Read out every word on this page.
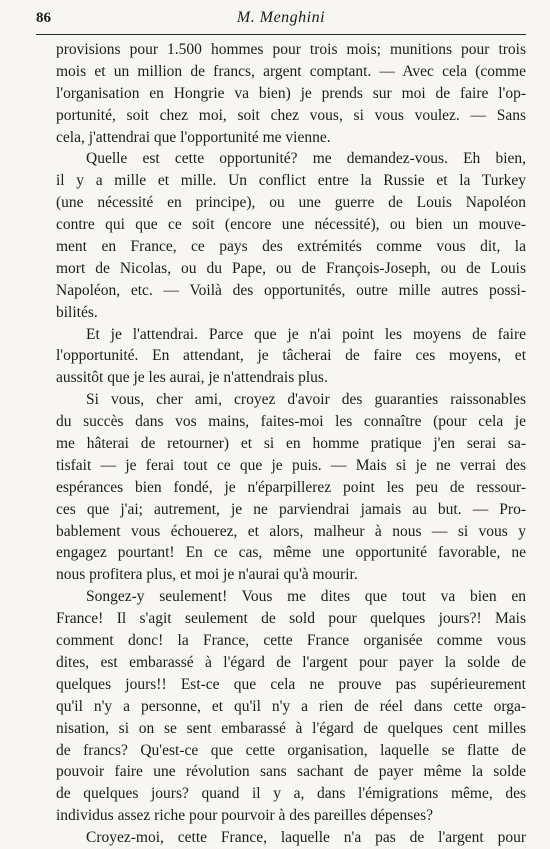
86	M. Menghini
provisions pour 1.500 hommes pour trois mois; munitions pour trois
mois et un million de francs, argent comptant. — Avec cela (comme
l'organisation en Hongrie va bien) je prends sur moi de faire l'op-
portunité, soit chez moi, soit chez vous, si vous voulez. — Sans
cela, j'attendrai que l'opportunité me vienne.
Quelle est cette opportunité? me demandez-vous. Eh bien,
il y a mille et mille. Un conflict entre la Russie et la Turkey
(une nécessité en principe), ou une guerre de Louis Napoléon
contre qui que ce soit (encore une nécessité), ou bien un mouve-
ment en France, ce pays des extrémités comme vous dit, la
mort de Nicolas, ou du Pape, ou de François-Joseph, ou de Louis
Napoléon, etc. — Voilà des opportunités, outre mille autres possi-
bilités.
Et je l'attendrai. Parce que je n'ai point les moyens de faire
l'opportunité. En attendant, je tâcherai de faire ces moyens, et
aussitôt que je les aurai, je n'attendrais plus.
Si vous, cher ami, croyez d'avoir des guaranties raissonables
du succès dans vos mains, faites-moi les connaître (pour cela je
me hâterai de retourner) et si en homme pratique j'en serai sa-
tisfait — je ferai tout ce que je puis. — Mais si je ne verrai des
espérances bien fondé, je n'éparpillerez point les peu de ressour-
ces que j'ai; autrement, je ne parviendrai jamais au but. — Pro-
bablement vous échouerez, et alors, malheur à nous — si vous y
engagez pourtant! En ce cas, même une opportunité favorable, ne
nous profitera plus, et moi je n'aurai qu'à mourir.
Songez-y seulement! Vous me dites que tout va bien en
France! Il s'agit seulement de sold pour quelques jours?! Mais
comment donc! la France, cette France organisée comme vous
dites, est embarassé à l'égard de l'argent pour payer la solde de
quelques jours!! Est-ce que cela ne prouve pas supérieurement
qu'il n'y a personne, et qu'il n'y a rien de réel dans cette orga-
nisation, si on se sent embarassé à l'égard de quelques cent milles
de francs? Qu'est-ce que cette organisation, laquelle se flatte de
pouvoir faire une révolution sans sachant de payer même la solde
de quelques jours? quand il y a, dans l'émigrations même, des
individus assez riche pour pourvoir à des pareilles dépenses?
Croyez-moi, cette France, laquelle n'a pas de l'argent pour
